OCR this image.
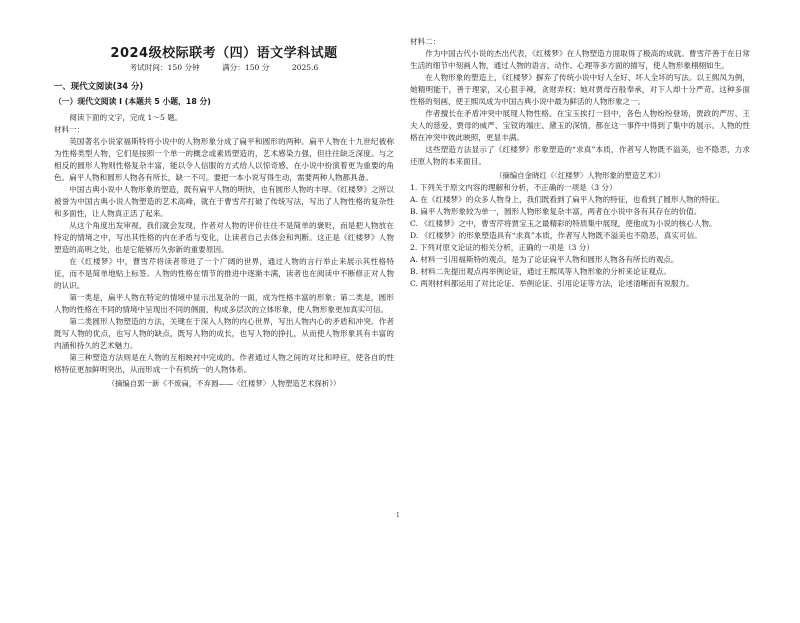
2024级校际联考（四）语文学科试题
考试时间：150 分钟	满分：150 分	2025.6
一、现代文阅读(34 分)
（一）现代文阅读 I (本题共 5 小题，18 分)

阅读下面的文字，完成 1～5 题。

材料一：

英国著名小说家福斯特将小说中的人物形象分成了扁平和圆形的两种。扁平人物在十九世纪被称为性格类型人物，它们是按照一个单一的概念或素质塑造的，艺术感染力强，但往往缺乏深度。与之相反的圆形人物则性格复杂丰富，能以令人信服的方式给人以惊奇感，在小说中扮演着更为重要的角色。扁平人物和圆形人物各有所长，缺一不可。要把一本小说写得生动，需要两种人物都具备。

中国古典小说中人物形象的塑造，既有扁平人物的明快，也有圆形人物的丰厚。《红楼梦》之所以被誉为中国古典小说人物塑造的艺术高峰，就在于曹雪芹打破了传统写法，写出了人物性格的复杂性和多面性，让人物真正活了起来。

从这个角度出发审视，我们就会发现，作者对人物的评价往往不是简单的褒贬，而是把人物放在特定的情境之中，写出其性格的内在矛盾与变化，让读者自己去体会和判断。这正是《红楼梦》人物塑造的高明之处，也是它能够历久弥新的重要原因。

在《红楼梦》中，曹雪芹将读者带进了一个广阔的世界，通过人物的言行举止来展示其性格特征，而不是简单地贴上标签。人物的性格在情节的推进中逐渐丰满，读者也在阅读中不断修正对人物的认识。

第一类是，扁平人物在特定的情境中显示出复杂的一面，成为性格丰富的形象；第二类是，圆形人物的性格在不同的情境中呈现出不同的侧面，构成多层次的立体形象，使人物形象更加真实可信。

第二类圆形人物塑造的方法，关键在于深入人物的内心世界，写出人物内心的矛盾和冲突。作者既写人物的优点，也写人物的缺点，既写人物的成长，也写人物的挣扎，从而使人物形象具有丰富的内涵和持久的艺术魅力。

第三种塑造方法则是在人物的互相映衬中完成的。作者通过人物之间的对比和呼应，使各自的性格特征更加鲜明突出，从而形成一个有机统一的人物体系。

（摘编自郭一新《不废扁，不弃圆——〈红楼梦〉人物塑造艺术探析》）

材料二：

作为中国古代小说的杰出代表，《红楼梦》在人物塑造方面取得了极高的成就。曹雪芹善于在日常生活的细节中刻画人物，通过人物的语言、动作、心理等多方面的描写，使人物形象栩栩如生。

在人物形象的塑造上，《红楼梦》摒弃了传统小说中好人全好、坏人全坏的写法。以王熙凤为例，她精明能干，善于理家，又心狠手辣，贪财弄权；她对贾母百般奉承，对下人却十分严苛。这种多面性格的刻画，使王熙凤成为中国古典小说中最为鲜活的人物形象之一。

作者擅长在矛盾冲突中展现人物性格。在宝玉挨打一回中，各色人物纷纷登场，贾政的严厉、王夫人的慈爱、贾母的威严、宝钗的端庄、黛玉的深情，都在这一事件中得到了集中的展示。人物的性格在冲突中彼此映照，更显丰满。

这些塑造方法显示了《红楼梦》形象塑造的“求真”本质，作者写人物既不溢美，也不隐恶，力求还原人物的本来面目。

（摘编自金晓红《〈红楼梦〉人物形象的塑造艺术》）

1. 下列关于原文内容的理解和分析，不正确的一项是（3 分）

A. 在《红楼梦》的众多人物身上，我们既看到了扁平人物的特征，也看到了圆形人物的特征。

B. 扁平人物形象较为单一，圆形人物形象复杂丰富，两者在小说中各有其存在的价值。

C. 《红楼梦》之中，曹雪芹将贾宝玉之最精彩的特质集中展现，使他成为小说的核心人物。

D. 《红楼梦》的形象塑造具有“求真”本质，作者写人物既不溢美也不隐恶，真实可信。

2. 下列对原文论证的相关分析，正确的一项是（3 分）

A. 材料一引用福斯特的观点，是为了论证扁平人物和圆形人物各有所长的观点。

B. 材料二先提出观点再举例论证，通过王熙凤等人物形象的分析来论证观点。

C. 两则材料都运用了对比论证、举例论证、引用论证等方法，论述清晰而有说服力。

1
